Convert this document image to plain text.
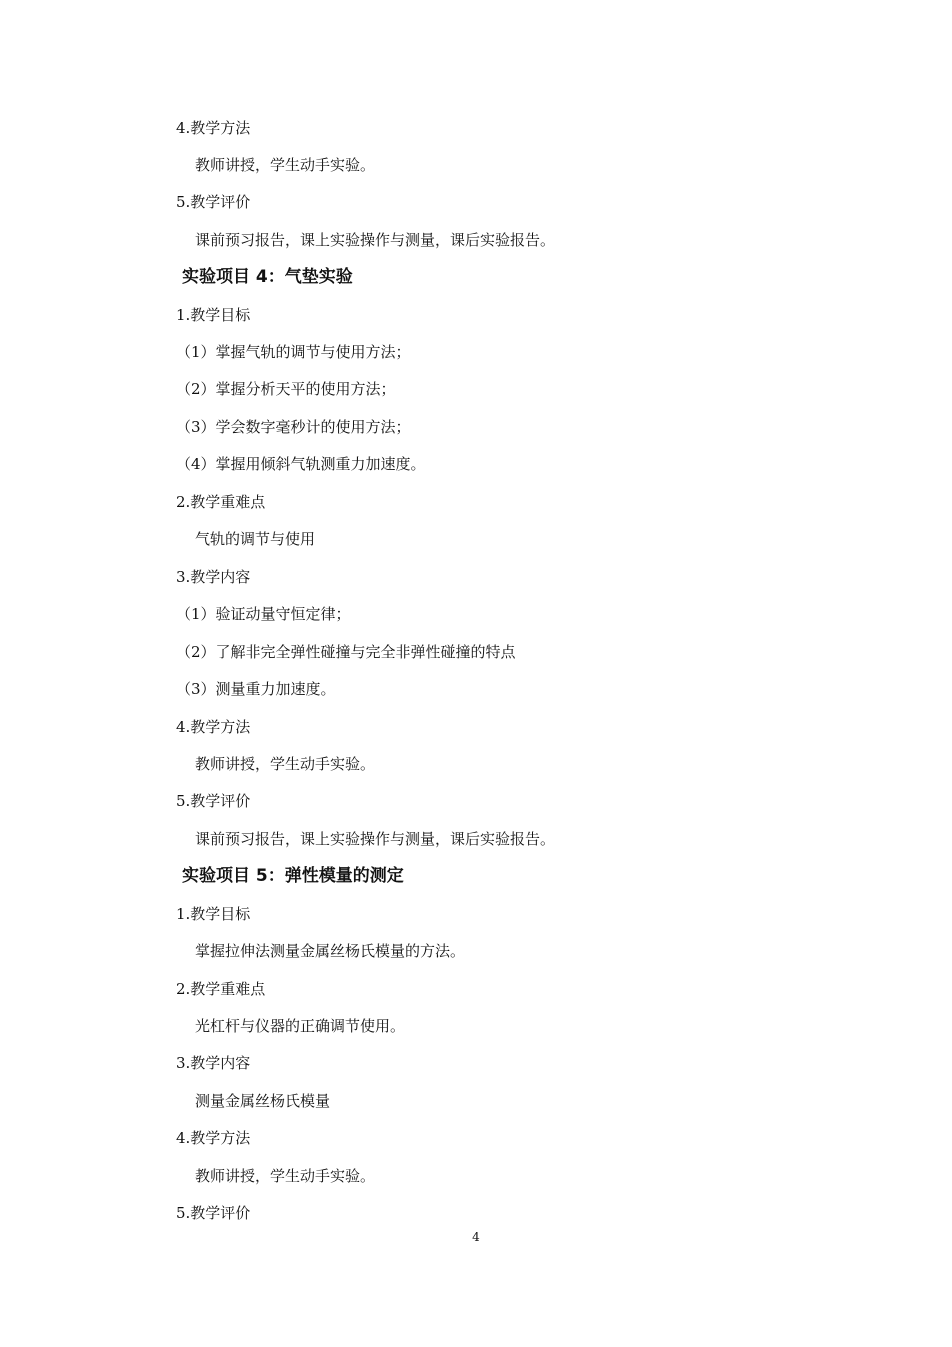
4.教学方法
教师讲授，学生动手实验。
5.教学评价
课前预习报告，课上实验操作与测量，课后实验报告。
实验项目 4：气垫实验
1.教学目标
（1）掌握气轨的调节与使用方法；
（2）掌握分析天平的使用方法；
（3）学会数字毫秒计的使用方法；
（4）掌握用倾斜气轨测重力加速度。
2.教学重难点
气轨的调节与使用
3.教学内容
（1）验证动量守恒定律；
（2）了解非完全弹性碰撞与完全非弹性碰撞的特点
（3）测量重力加速度。
4.教学方法
教师讲授，学生动手实验。
5.教学评价
课前预习报告，课上实验操作与测量，课后实验报告。
实验项目 5：弹性模量的测定
1.教学目标
掌握拉伸法测量金属丝杨氏模量的方法。
2.教学重难点
光杠杆与仪器的正确调节使用。
3.教学内容
测量金属丝杨氏模量
4.教学方法
教师讲授，学生动手实验。
5.教学评价
4
